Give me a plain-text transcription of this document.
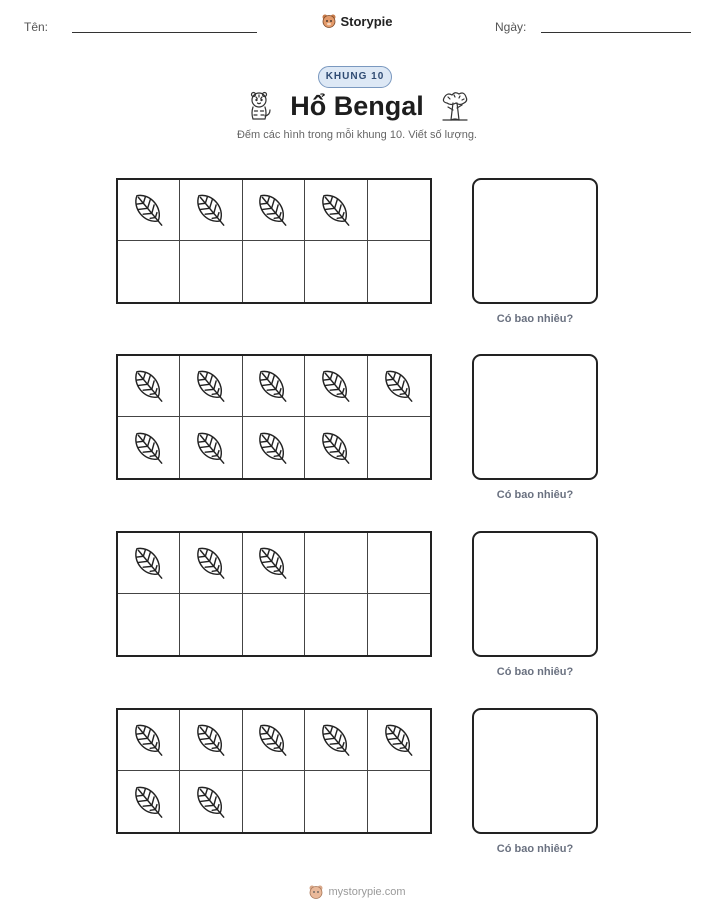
Tên:	Storypie	Ngày:
KHUNG 10
Hổ Bengal
Đếm các hình trong mỗi khung 10. Viết số lượng.
Có bao nhiêu?
Có bao nhiêu?
Có bao nhiêu?
Có bao nhiêu?
mystorypie.com
